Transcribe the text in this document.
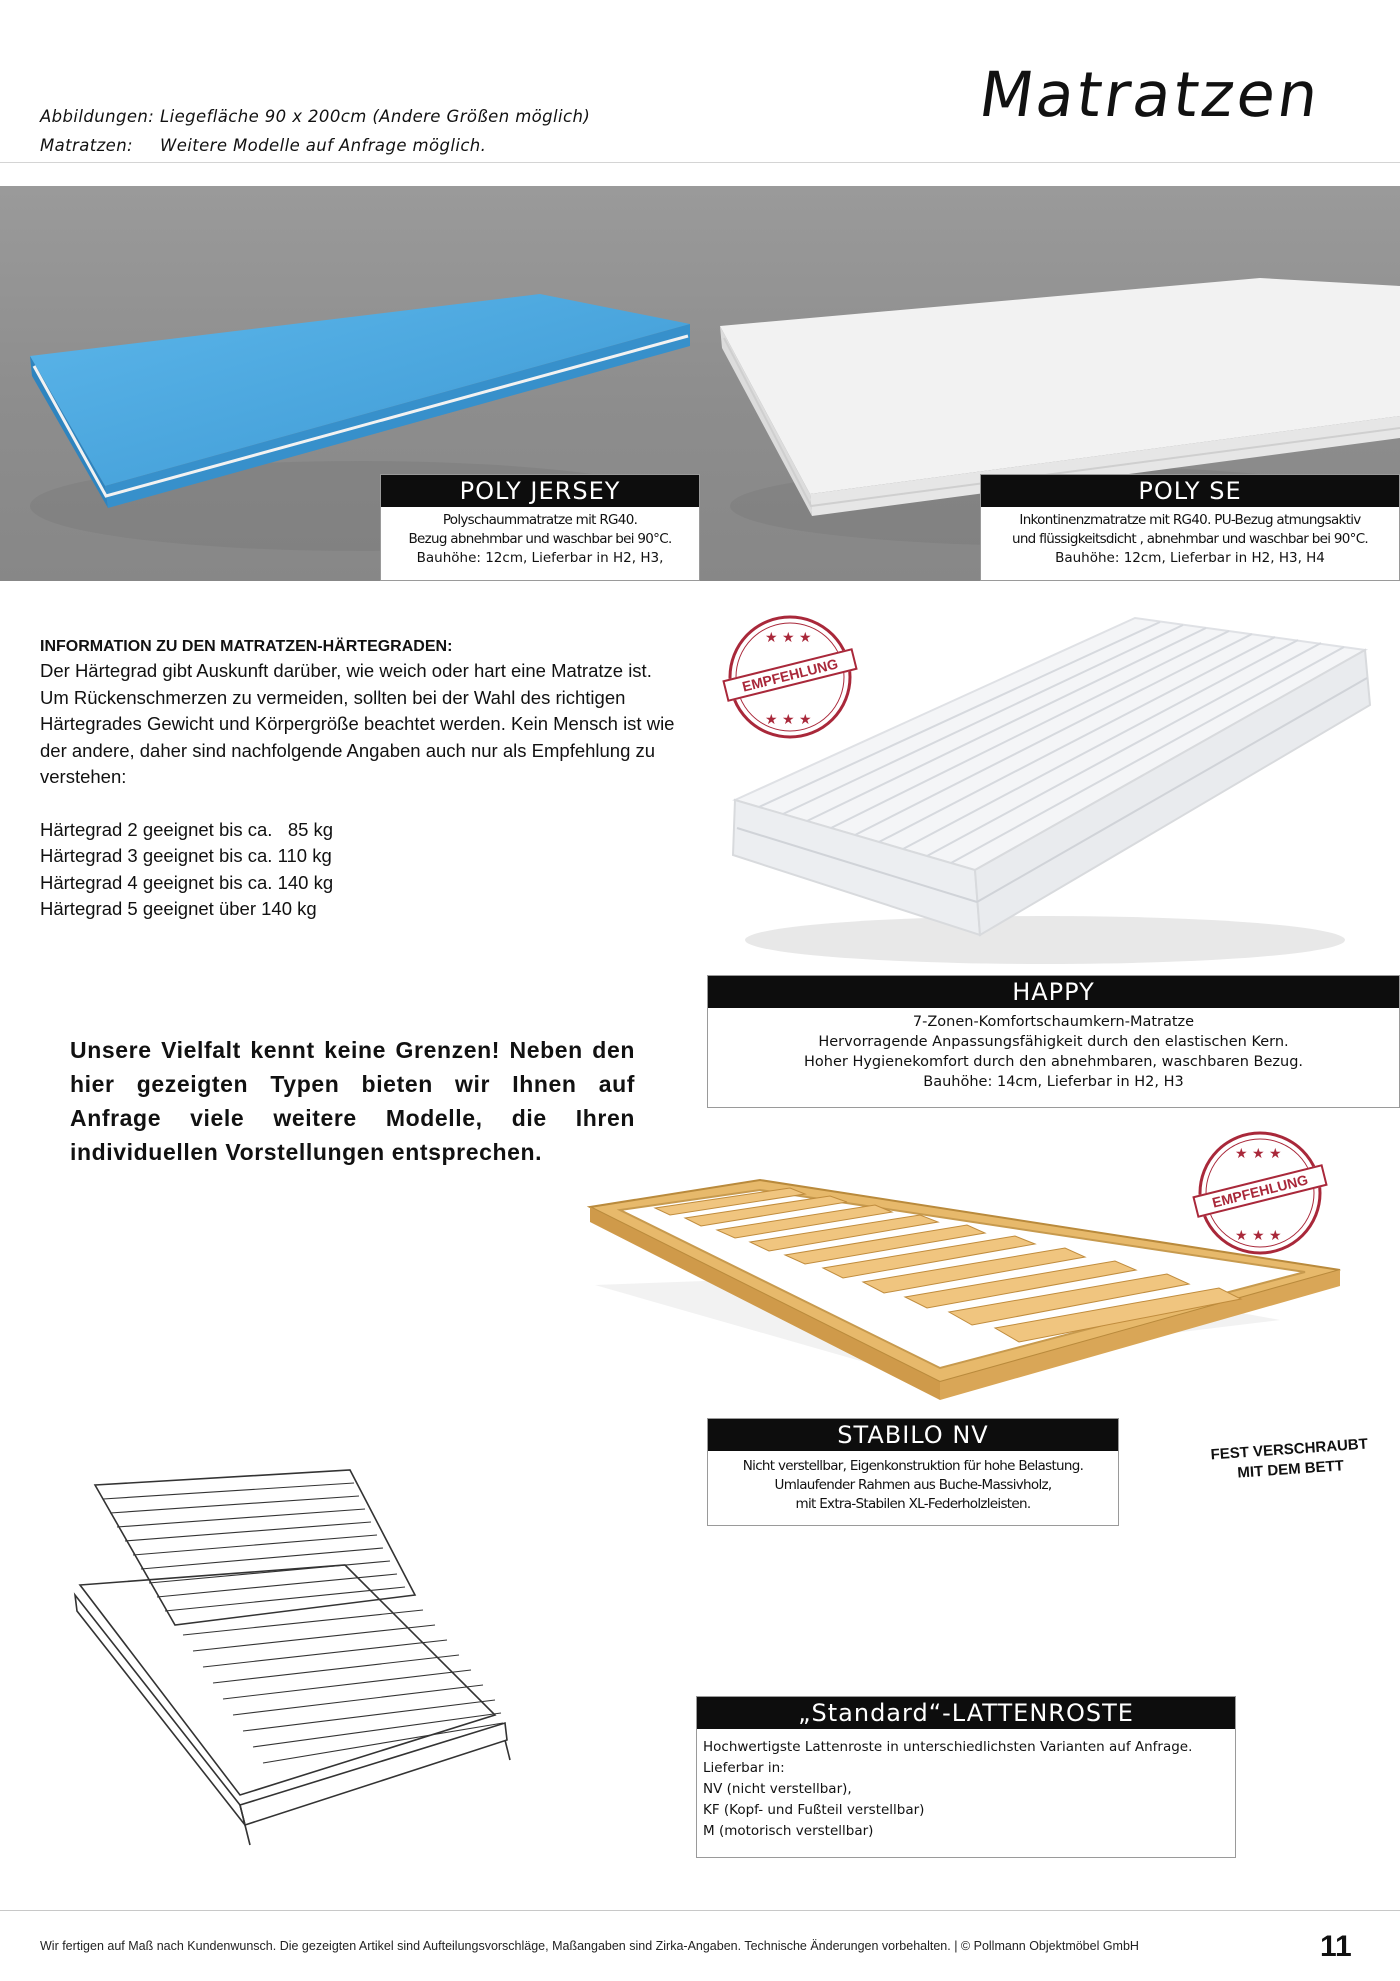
Abbildungen: Liegefläche 90 x 200cm (Andere Größen möglich)
Matratzen: Weitere Modelle auf Anfrage möglich.
Matratzen
POLY JERSEY
Polyschaummatratze mit RG40.
Bezug abnehmbar und waschbar bei 90°C.
Bauhöhe: 12cm, Lieferbar in H2, H3,
POLY SE
Inkontinenzmatratze mit RG40. PU-Bezug atmungsaktiv
und flüssigkeitsdicht , abnehmbar und waschbar bei 90°C.
Bauhöhe: 12cm, Lieferbar in H2, H3, H4
INFORMATION ZU DEN MATRATZEN-HÄRTEGRADEN:
Der Härtegrad gibt Auskunft darüber, wie weich oder hart eine Matratze ist. Um Rückenschmerzen zu vermeiden, sollten bei der Wahl des richtigen Härtegrades Gewicht und Körpergröße beachtet werden. Kein Mensch ist wie der andere, daher sind nachfolgende Angaben auch nur als Empfehlung zu verstehen:
Härtegrad 2 geeignet bis ca.   85 kg
Härtegrad 3 geeignet bis ca. 110 kg
Härtegrad 4 geeignet bis ca. 140 kg
Härtegrad 5 geeignet über 140 kg
★ ★ ★
★ ★ ★
EMPFEHLUNG
HAPPY
7-Zonen-Komfortschaumkern-Matratze
Hervorragende Anpassungsfähigkeit durch den elastischen Kern.
Hoher Hygienekomfort durch den abnehmbaren, waschbaren Bezug.
Bauhöhe: 14cm, Lieferbar in H2, H3
Unsere Vielfalt kennt keine Grenzen! Neben den hier gezeigten Typen bieten wir Ihnen auf Anfrage viele weitere Modelle, die Ihren individuellen Vorstellungen entsprechen.	★ ★ ★
★ ★ ★
EMPFEHLUNG
STABILO NV
Nicht verstellbar, Eigenkonstruktion für hohe Belastung.
Umlaufender Rahmen aus Buche-Massivholz,
mit Extra-Stabilen XL-Federholzleisten.
FEST VERSCHRAUBT
MIT DEM BETT
„Standard“-LATTENROSTE
Hochwertigste Lattenroste in unterschiedlichsten Varianten auf Anfrage.
Lieferbar in:
NV (nicht verstellbar),
KF (Kopf- und Fußteil verstellbar)
M (motorisch verstellbar)
Wir fertigen auf Maß nach Kundenwunsch. Die gezeigten Artikel sind Aufteilungsvorschläge, Maßangaben sind Zirka-Angaben. Technische Änderungen vorbehalten. | © Pollmann Objektmöbel GmbH	11
